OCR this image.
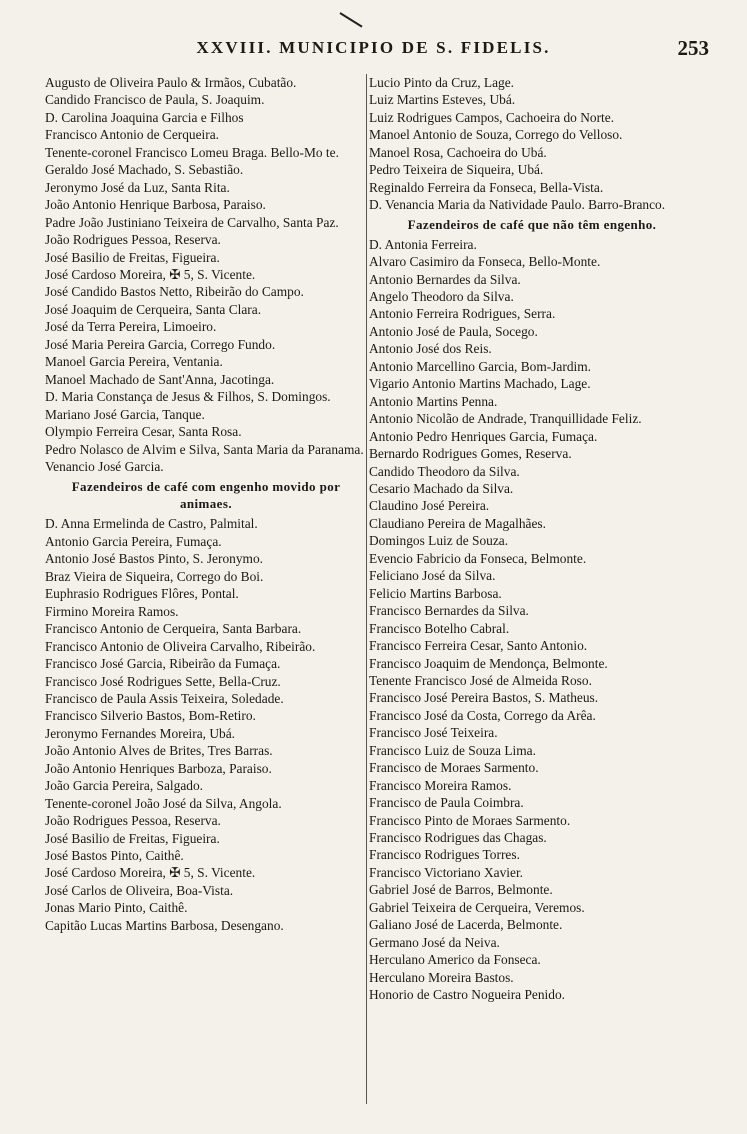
XXVIII. MUNICIPIO DE S. FIDELIS.	253
Augusto de Oliveira Paulo & Irmãos, Cubatão.
Candido Francisco de Paula, S. Joaquim.
D. Carolina Joaquina Garcia e Filhos
Francisco Antonio de Cerqueira.
Tenente-coronel Francisco Lomeu Braga. Bello-Mo te.
Geraldo José Machado, S. Sebastião.
Jeronymo José da Luz, Santa Rita.
João Antonio Henrique Barbosa, Paraiso.
Padre João Justiniano Teixeira de Carvalho, Santa Paz.
João Rodrigues Pessoa, Reserva.
José Basilio de Freitas, Figueira.
José Cardoso Moreira, ✠ 5, S. Vicente.
José Candido Bastos Netto, Ribeirão do Campo.
José Joaquim de Cerqueira, Santa Clara.
José da Terra Pereira, Limoeiro.
José Maria Pereira Garcia, Corrego Fundo.
Manoel Garcia Pereira, Ventania.
Manoel Machado de Sant'Anna, Jacotinga.
D. Maria Constança de Jesus & Filhos, S. Domingos.
Mariano José Garcia, Tanque.
Olympio Ferreira Cesar, Santa Rosa.
Pedro Nolasco de Alvim e Silva, Santa Maria da Paranama.
Venancio José Garcia.
Fazendeiros de café com engenho movido por animaes.
D. Anna Ermelinda de Castro, Palmital.
Antonio Garcia Pereira, Fumaça.
Antonio José Bastos Pinto, S. Jeronymo.
Braz Vieira de Siqueira, Corrego do Boi.
Euphrasio Rodrigues Flôres, Pontal.
Firmino Moreira Ramos.
Francisco Antonio de Cerqueira, Santa Barbara.
Francisco Antonio de Oliveira Carvalho, Ribeirão.
Francisco José Garcia, Ribeirão da Fumaça.
Francisco José Rodrigues Sette, Bella-Cruz.
Francisco de Paula Assis Teixeira, Soledade.
Francisco Silverio Bastos, Bom-Retiro.
Jeronymo Fernandes Moreira, Ubá.
João Antonio Alves de Brites, Tres Barras.
João Antonio Henriques Barboza, Paraiso.
João Garcia Pereira, Salgado.
Tenente-coronel João José da Silva, Angola.
João Rodrigues Pessoa, Reserva.
José Basilio de Freitas, Figueira.
José Bastos Pinto, Caithê.
José Cardoso Moreira, ✠ 5, S. Vicente.
José Carlos de Oliveira, Boa-Vista.
Jonas Mario Pinto, Caithê.
Capitão Lucas Martins Barbosa, Desengano.
Lucio Pinto da Cruz, Lage.
Luiz Martins Esteves, Ubá.
Luiz Rodrigues Campos, Cachoeira do Norte.
Manoel Antonio de Souza, Corrego do Velloso.
Manoel Rosa, Cachoeira do Ubá.
Pedro Teixeira de Siqueira, Ubá.
Reginaldo Ferreira da Fonseca, Bella-Vista.
D. Venancia Maria da Natividade Paulo. Barro-Branco.
Fazendeiros de café que não têm engenho.
D. Antonia Ferreira.
Alvaro Casimiro da Fonseca, Bello-Monte.
Antonio Bernardes da Silva.
Angelo Theodoro da Silva.
Antonio Ferreira Rodrigues, Serra.
Antonio José de Paula, Socego.
Antonio José dos Reis.
Antonio Marcellino Garcia, Bom-Jardim.
Vigario Antonio Martins Machado, Lage.
Antonio Martins Penna.
Antonio Nicolão de Andrade, Tranquillidade Feliz.
Antonio Pedro Henriques Garcia, Fumaça.
Bernardo Rodrigues Gomes, Reserva.
Candido Theodoro da Silva.
Cesario Machado da Silva.
Claudino José Pereira.
Claudiano Pereira de Magalhães.
Domingos Luiz de Souza.
Evencio Fabricio da Fonseca, Belmonte.
Feliciano José da Silva.
Felicio Martins Barbosa.
Francisco Bernardes da Silva.
Francisco Botelho Cabral.
Francisco Ferreira Cesar, Santo Antonio.
Francisco Joaquim de Mendonça, Belmonte.
Tenente Francisco José de Almeida Roso.
Francisco José Pereira Bastos, S. Matheus.
Francisco José da Costa, Corrego da Arêa.
Francisco José Teixeira.
Francisco Luiz de Souza Lima.
Francisco de Moraes Sarmento.
Francisco Moreira Ramos.
Francisco de Paula Coimbra.
Francisco Pinto de Moraes Sarmento.
Francisco Rodrigues das Chagas.
Francisco Rodrigues Torres.
Francisco Victoriano Xavier.
Gabriel José de Barros, Belmonte.
Gabriel Teixeira de Cerqueira, Veremos.
Galiano José de Lacerda, Belmonte.
Germano José da Neiva.
Herculano Americo da Fonseca.
Herculano Moreira Bastos.
Honorio de Castro Nogueira Penido.
